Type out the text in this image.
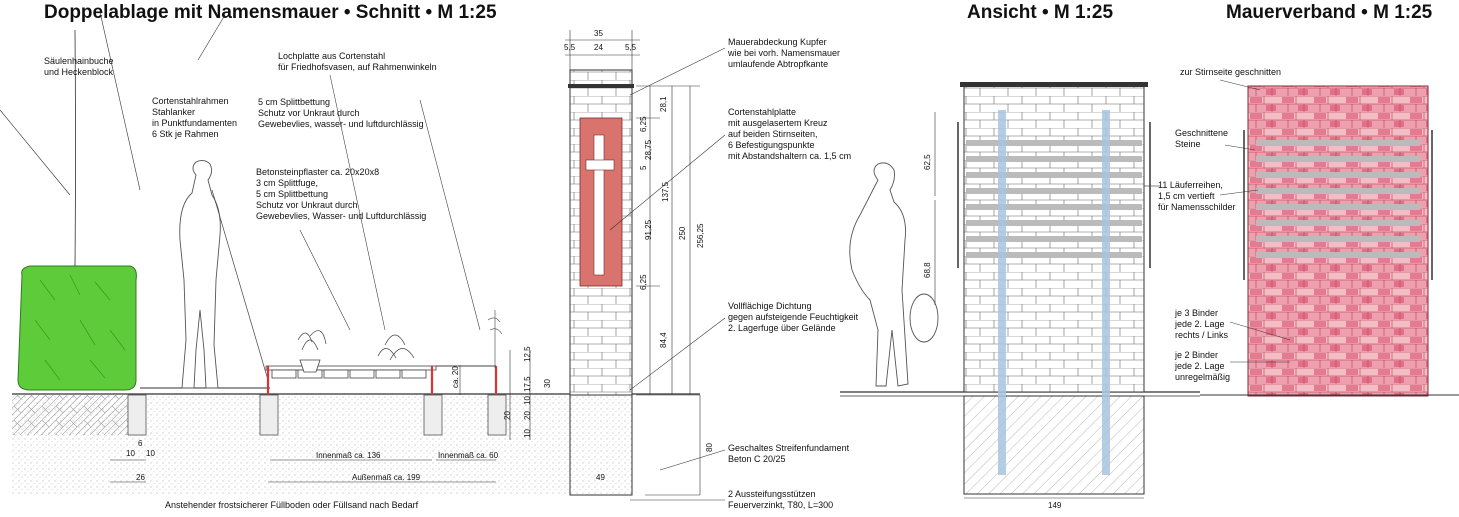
Doppelablage mit Namensmauer • Schnitt • M 1:25	Ansicht • M 1:25	Mauerverband • M 1:25
35
5,5 24	5,5
28,1
6,25
28,75
5
91,25
137,5
250 256,25
6,25
84,4
80
49
12,5
30
17,5
10
20 20
10
ca. 20
6
10 10
26
Innenmaß ca. 136	Innenmaß ca. 60
Außenmaß ca. 199
62,5
68,8
149
Säulenhainbuche
und Heckenblock
Cortenstahlrahmen
Stahlanker
in Punktfundamenten
6 Stk je Rahmen
Lochplatte aus Cortenstahl
für Friedhofsvasen, auf Rahmenwinkeln
5 cm Splittbettung
Schutz vor Unkraut durch
Gewebevlies, wasser- und luftdurchlässig
Betonsteinpflaster ca. 20x20x8
3 cm Splittfuge,
5 cm Splittbettung
Schutz vor Unkraut durch
Gewebevlies, Wasser- und Luftdurchlässig
Anstehender frostsicherer Füllboden oder Füllsand nach Bedarf
Mauerabdeckung Kupfer
wie bei vorh. Namensmauer
umlaufende Abtropfkante
Cortenstahlplatte
mit ausgelasertem Kreuz
auf beiden Stirnseiten,
6 Befestigungspunkte
mit Abstandshaltern ca. 1,5 cm
Vollflächige Dichtung
gegen aufsteigende Feuchtigkeit
2. Lagerfuge über Gelände
Geschaltes Streifenfundament
Beton C 20/25
2 Aussteifungsstützen
Feuerverzinkt, T80, L=300
11 Läuferreihen,
1,5 cm vertieft
für Namensschilder
zur Stirnseite geschnitten
Geschnittene
Steine
je 3 Binder
jede 2. Lage
rechts / Links
je 2 Binder
jede 2. Lage
unregelmäßig
